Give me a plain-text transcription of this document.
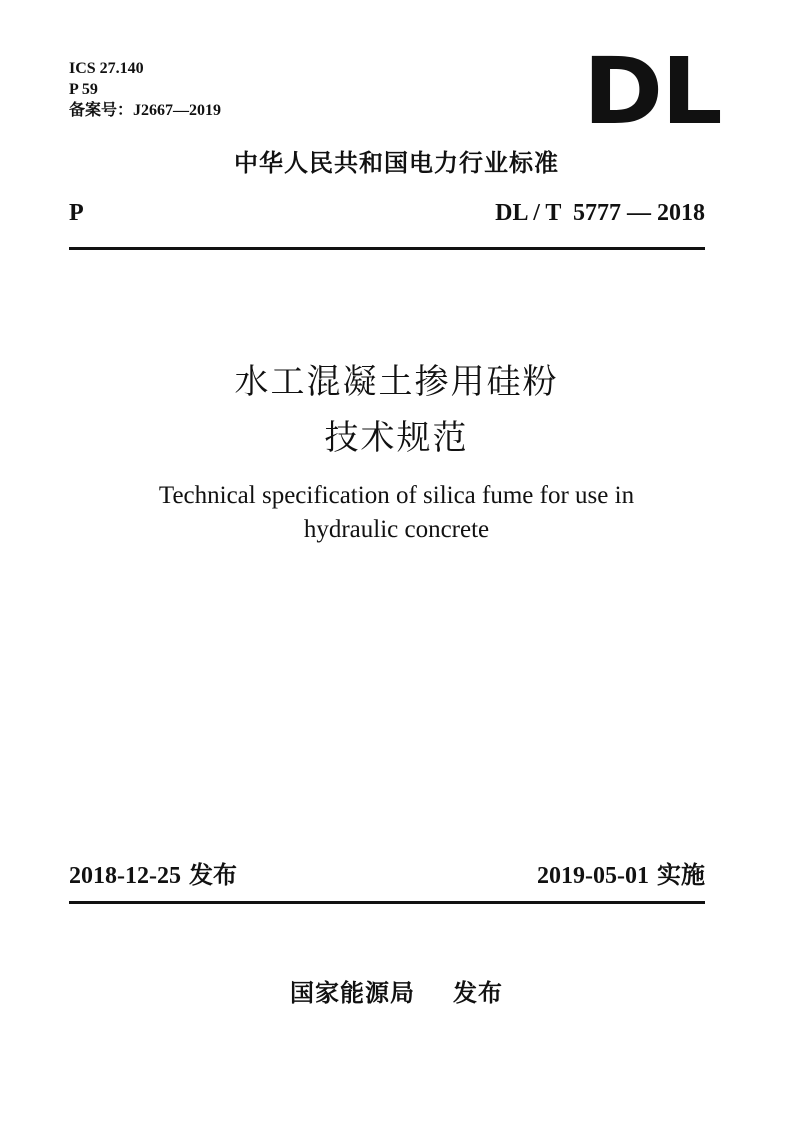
ICS 27.140
P 59
备案号：J2667—2019	DL
中华人民共和国电力行业标准
P	DL / T  5777 — 2018
水工混凝土掺用硅粉
技术规范
Technical specification of silica fume for use in
hydraulic concrete
2018-12-25 发布	2019-05-01 实施
国家能源局 发布
